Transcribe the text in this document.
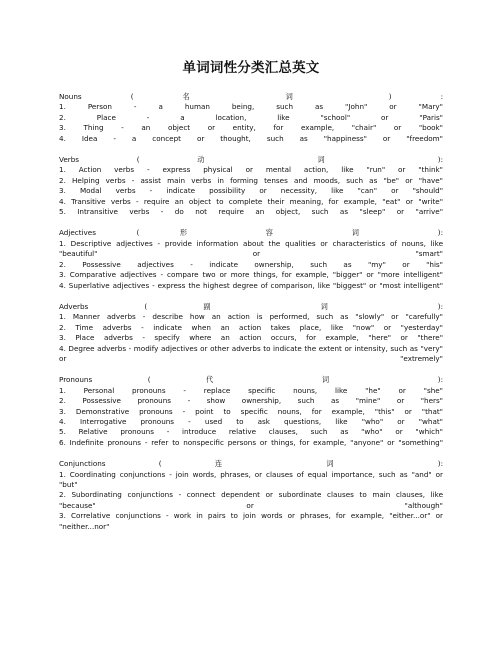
单词词性分类汇总英文
Nouns ( 名 词 ) :
1. Person - a human being, such as "John" or "Mary"
2. Place - a location, like "school" or "Paris"
3. Thing - an object or entity, for example, "chair" or "book"
4. Idea - a concept or thought, such as "happiness" or "freedom"
Verbs ( 动 词 ):
1. Action verbs - express physical or mental action, like "run" or "think"
2. Helping verbs - assist main verbs in forming tenses and moods, such as "be" or "have"
3. Modal verbs - indicate possibility or necessity, like "can" or "should"
4. Transitive verbs - require an object to complete their meaning, for example, "eat" or "write"
5. Intransitive verbs - do not require an object, such as "sleep" or "arrive"
Adjectives ( 形 容 词 ):
1. Descriptive adjectives - provide information about the qualities or characteristics of nouns, like
"beautiful" or "smart"
2. Possessive adjectives - indicate ownership, such as "my" or "his"
3. Comparative adjectives - compare two or more things, for example, "bigger" or "more intelligent"
4. Superlative adjectives - express the highest degree of comparison, like "biggest" or "most intelligent"
Adverbs ( 副 词 ):
1. Manner adverbs - describe how an action is performed, such as "slowly" or "carefully"
2. Time adverbs - indicate when an action takes place, like "now" or "yesterday"
3. Place adverbs - specify where an action occurs, for example, "here" or "there"
4. Degree adverbs - modify adjectives or other adverbs to indicate the extent or intensity, such as "very"
or "extremely"
Pronouns ( 代 词 ):
1. Personal pronouns - replace specific nouns, like "he" or "she"
2. Possessive pronouns - show ownership, such as "mine" or "hers"
3. Demonstrative pronouns - point to specific nouns, for example, "this" or "that"
4. Interrogative pronouns - used to ask questions, like "who" or "what"
5. Relative pronouns - introduce relative clauses, such as "who" or "which"
6. Indefinite pronouns - refer to nonspecific persons or things, for example, "anyone" or "something"
Conjunctions ( 连 词 ):
1. Coordinating conjunctions - join words, phrases, or clauses of equal importance, such as "and" or
"but"
2. Subordinating conjunctions - connect dependent or subordinate clauses to main clauses, like
"because" or "although"
3. Correlative conjunctions - work in pairs to join words or phrases, for example, "either...or" or
"neither...nor"
